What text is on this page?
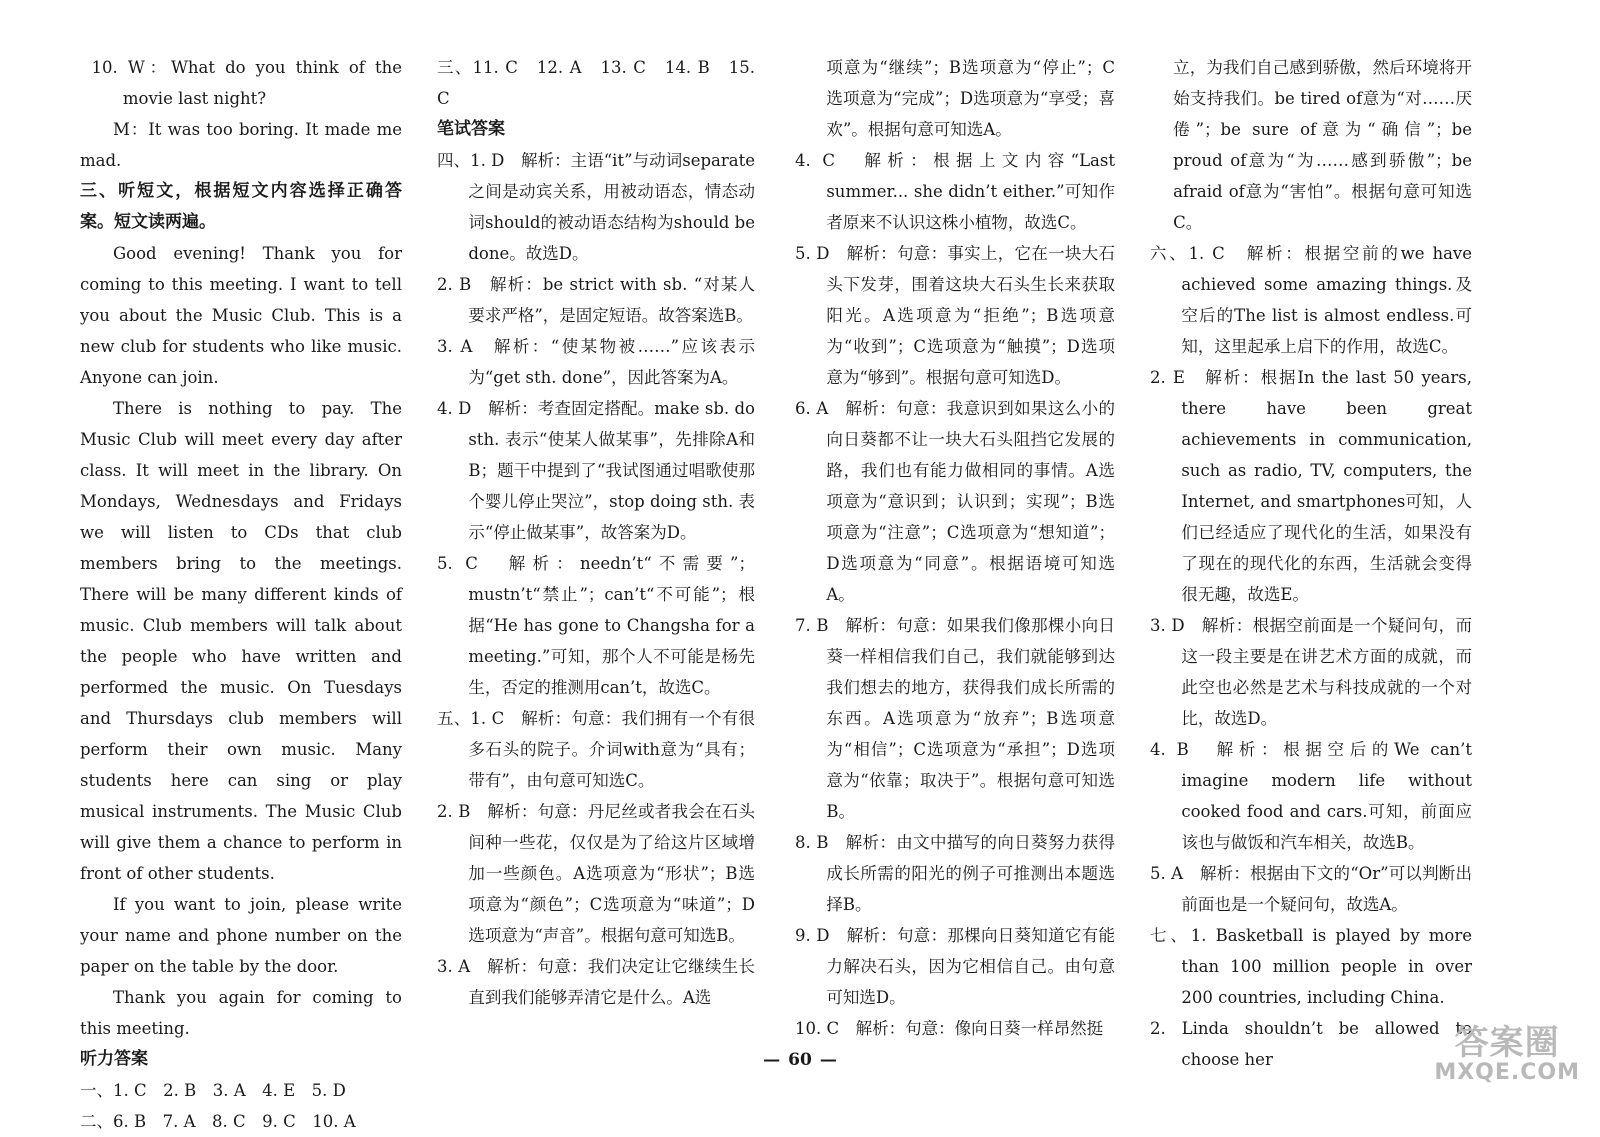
10. W：What do you think of the movie last night?

M：It was too boring. It made me mad.

三、听短文，根据短文内容选择正确答案。短文读两遍。

Good evening! Thank you for coming to this meeting. I want to tell you about the Music Club. This is a new club for students who like music. Anyone can join.

There is nothing to pay. The Music Club will meet every day after class. It will meet in the library. On Mondays, Wednesdays and Fridays we will listen to CDs that club members bring to the meetings. There will be many different kinds of music. Club members will talk about the people who have written and performed the music. On Tuesdays and Thursdays club members will perform their own music. Many students here can sing or play musical instruments. The Music Club will give them a chance to perform in front of other students.

If you want to join, please write your name and phone number on the paper on the table by the door.

Thank you again for coming to this meeting.

听力答案

一、1. C　2. B　3. A　4. E　5. D

二、6. B　7. A　8. C　9. C　10. A

三、11. C　12. A　13. C　14. B　15. C

笔试答案

四、1. D　解析：主语“it”与动词separate之间是动宾关系，用被动语态，情态动词should的被动语态结构为should be done。故选D。

2. B　解析：be strict with sb. “对某人要求严格”，是固定短语。故答案选B。

3. A　解析：“使某物被……”应该表示为“get sth. done”，因此答案为A。

4. D　解析：考查固定搭配。make sb. do sth. 表示“使某人做某事”，先排除A和B；题干中提到了“我试图通过唱歌使那个婴儿停止哭泣”，stop doing sth. 表示“停止做某事”，故答案为D。

5. C　解析：needn’t“不需要”；mustn’t“禁止”；can’t“不可能”；根据“He has gone to Changsha for a meeting.”可知，那个人不可能是杨先生，否定的推测用can’t，故选C。

五、1. C　解析：句意：我们拥有一个有很多石头的院子。介词with意为“具有；带有”，由句意可知选C。

2. B　解析：句意：丹尼丝或者我会在石头间种一些花，仅仅是为了给这片区域增加一些颜色。A选项意为“形状”；B选项意为“颜色”；C选项意为“味道”；D选项意为“声音”。根据句意可知选B。

3. A　解析：句意：我们决定让它继续生长直到我们能够弄清它是什么。A选

项意为“继续”；B选项意为“停止”；C选项意为“完成”；D选项意为“享受；喜欢”。根据句意可知选A。

4. C　解析：根据上文内容“Last summer... she didn’t either.”可知作者原来不认识这株小植物，故选C。

5. D　解析：句意：事实上，它在一块大石头下发芽，围着这块大石头生长来获取阳光。A选项意为“拒绝”；B选项意为“收到”；C选项意为“触摸”；D选项意为“够到”。根据句意可知选D。

6. A　解析：句意：我意识到如果这么小的向日葵都不让一块大石头阻挡它发展的路，我们也有能力做相同的事情。A选项意为“意识到；认识到；实现”；B选项意为“注意”；C选项意为“想知道”；D选项意为“同意”。根据语境可知选A。

7. B　解析：句意：如果我们像那棵小向日葵一样相信我们自己，我们就能够到达我们想去的地方，获得我们成长所需的东西。A选项意为“放弃”；B选项意为“相信”；C选项意为“承担”；D选项意为“依靠；取决于”。根据句意可知选B。

8. B　解析：由文中描写的向日葵努力获得成长所需的阳光的例子可推测出本题选择B。

9. D　解析：句意：那棵向日葵知道它有能力解决石头，因为它相信自己。由句意可知选D。

10. C　解析：句意：像向日葵一样昂然挺

立，为我们自己感到骄傲，然后环境将开始支持我们。be tired of意为“对……厌倦”；be sure of意为“确信”；be proud of意为“为……感到骄傲”；be afraid of意为“害怕”。根据句意可知选C。

六、1. C　解析：根据空前的we have achieved some amazing things.及空后的The list is almost endless.可知，这里起承上启下的作用，故选C。

2. E　解析：根据In the last 50 years, there have been great achievements in communication, such as radio, TV, computers, the Internet, and smartphones可知，人们已经适应了现代化的生活，如果没有了现在的现代化的东西，生活就会变得很无趣，故选E。

3. D　解析：根据空前面是一个疑问句，而这一段主要是在讲艺术方面的成就，而此空也必然是艺术与科技成就的一个对比，故选D。

4. B　解析：根据空后的We can’t imagine modern life without cooked food and cars.可知，前面应该也与做饭和汽车相关，故选B。

5. A　解析：根据由下文的“Or”可以判断出前面也是一个疑问句，故选A。

七、1. Basketball is played by more than 100 million people in over 200 countries, including China.

2. Linda shouldn’t be allowed to choose her

— 60 —	答案圈
MXQE.COM
